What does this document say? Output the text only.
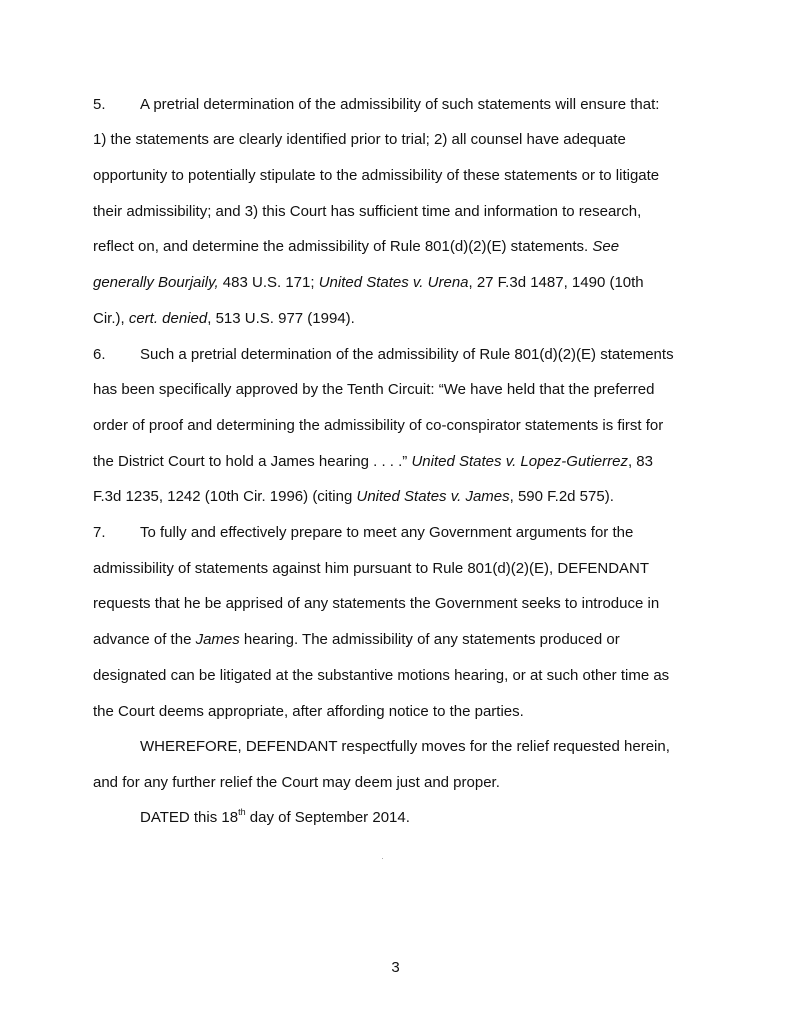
5. A pretrial determination of the admissibility of such statements will ensure that:
1) the statements are clearly identified prior to trial; 2) all counsel have adequate
opportunity to potentially stipulate to the admissibility of these statements or to litigate
their admissibility; and 3) this Court has sufficient time and information to research,
reflect on, and determine the admissibility of Rule 801(d)(2)(E) statements. See
generally Bourjaily, 483 U.S. 171; United States v. Urena, 27 F.3d 1487, 1490 (10th
Cir.), cert. denied, 513 U.S. 977 (1994).
6. Such a pretrial determination of the admissibility of Rule 801(d)(2)(E) statements
has been specifically approved by the Tenth Circuit: “We have held that the preferred
order of proof and determining the admissibility of co-conspirator statements is first for
the District Court to hold a James hearing . . . .” United States v. Lopez-Gutierrez, 83
F.3d 1235, 1242 (10th Cir. 1996) (citing United States v. James, 590 F.2d 575).
7. To fully and effectively prepare to meet any Government arguments for the
admissibility of statements against him pursuant to Rule 801(d)(2)(E), DEFENDANT
requests that he be apprised of any statements the Government seeks to introduce in
advance of the James hearing. The admissibility of any statements produced or
designated can be litigated at the substantive motions hearing, or at such other time as
the Court deems appropriate, after affording notice to the parties.
WHEREFORE, DEFENDANT respectfully moves for the relief requested herein,
and for any further relief the Court may deem just and proper.
DATED this 18th day of September 2014.
3
